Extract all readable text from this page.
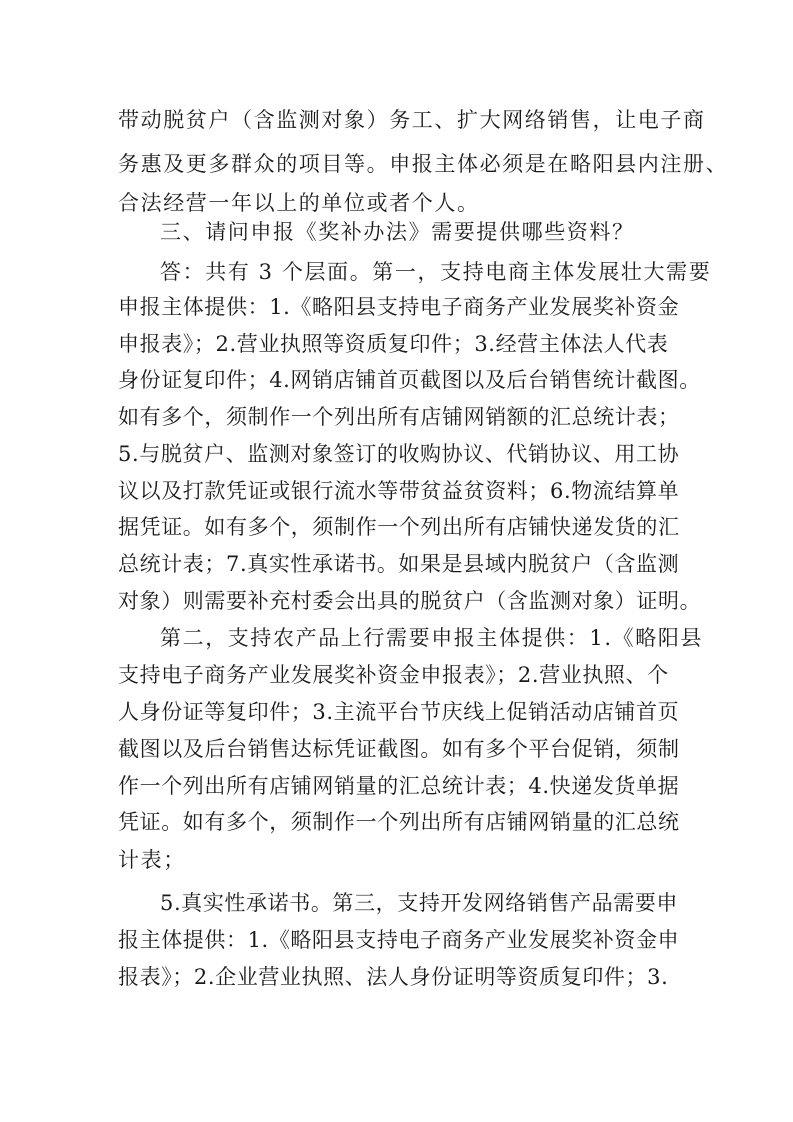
带动脱贫户（含监测对象）务工、扩大网络销售，让电子商
务惠及更多群众的项目等。申报主体必须是在略阳县内注册、
合法经营一年以上的单位或者个人。
三、请问申报《奖补办法》需要提供哪些资料？
答：共有 3 个层面。第一，支持电商主体发展壮大需要
申报主体提供：1.《略阳县支持电子商务产业发展奖补资金
申报表》；2.营业执照等资质复印件；3.经营主体法人代表
身份证复印件；4.网销店铺首页截图以及后台销售统计截图。
如有多个，须制作一个列出所有店铺网销额的汇总统计表；
5.与脱贫户、监测对象签订的收购协议、代销协议、用工协
议以及打款凭证或银行流水等带贫益贫资料；6.物流结算单
据凭证。如有多个，须制作一个列出所有店铺快递发货的汇
总统计表；7.真实性承诺书。如果是县域内脱贫户（含监测
对象）则需要补充村委会出具的脱贫户（含监测对象）证明。
第二，支持农产品上行需要申报主体提供：1.《略阳县
支持电子商务产业发展奖补资金申报表》；2.营业执照、个
人身份证等复印件；3.主流平台节庆线上促销活动店铺首页
截图以及后台销售达标凭证截图。如有多个平台促销，须制
作一个列出所有店铺网销量的汇总统计表；4.快递发货单据
凭证。如有多个，须制作一个列出所有店铺网销量的汇总统
计表；
5.真实性承诺书。第三，支持开发网络销售产品需要申
报主体提供：1.《略阳县支持电子商务产业发展奖补资金申
报表》；2.企业营业执照、法人身份证明等资质复印件；3.
